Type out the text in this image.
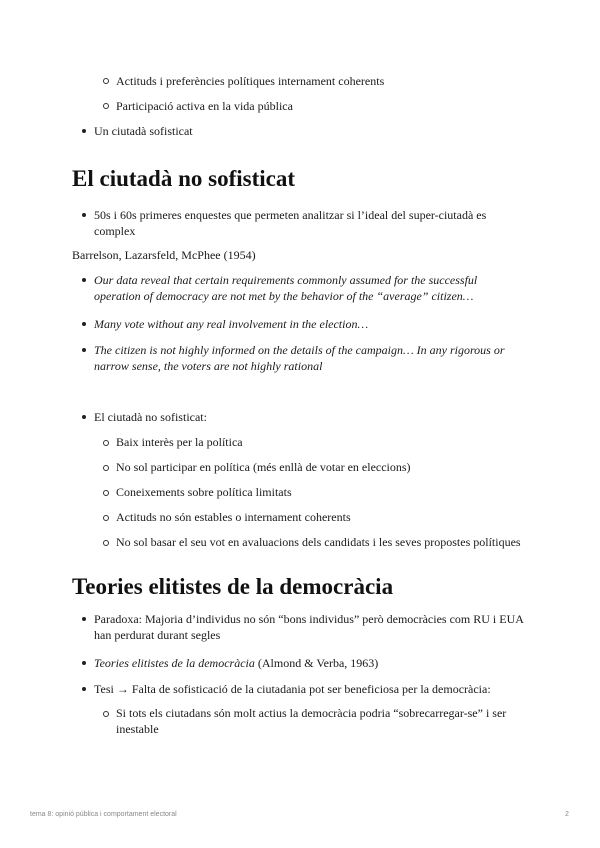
Actituds i preferències polítiques internament coherents
Participació activa en la vida pública
Un ciutadà sofisticat
El ciutadà no sofisticat
50s i 60s primeres enquestes que permeten analitzar si l’ideal del super-ciutadà es
complex
Barrelson, Lazarsfeld, McPhee (1954)
Our data reveal that certain requirements commonly assumed for the successful
operation of democracy are not met by the behavior of the “average” citizen…
Many vote without any real involvement in the election…
The citizen is not highly informed on the details of the campaign… In any rigorous or
narrow sense, the voters are not highly rational
El ciutadà no sofisticat:
Baix interès per la política
No sol participar en política (més enllà de votar en eleccions)
Coneixements sobre política limitats
Actituds no són estables o internament coherents
No sol basar el seu vot en avaluacions dels candidats i les seves propostes polítiques
Teories elitistes de la democràcia
Paradoxa: Majoria d’individus no són “bons individus” però democràcies com RU i EUA
han perdurat durant segles
Teories elitistes de la democràcia (Almond & Verba, 1963)
Tesi → Falta de sofisticació de la ciutadania pot ser beneficiosa per la democràcia:
Si tots els ciutadans són molt actius la democràcia podria “sobrecarregar-se” i ser
inestable
tema 8: opinió pública i comportament electoral	2
